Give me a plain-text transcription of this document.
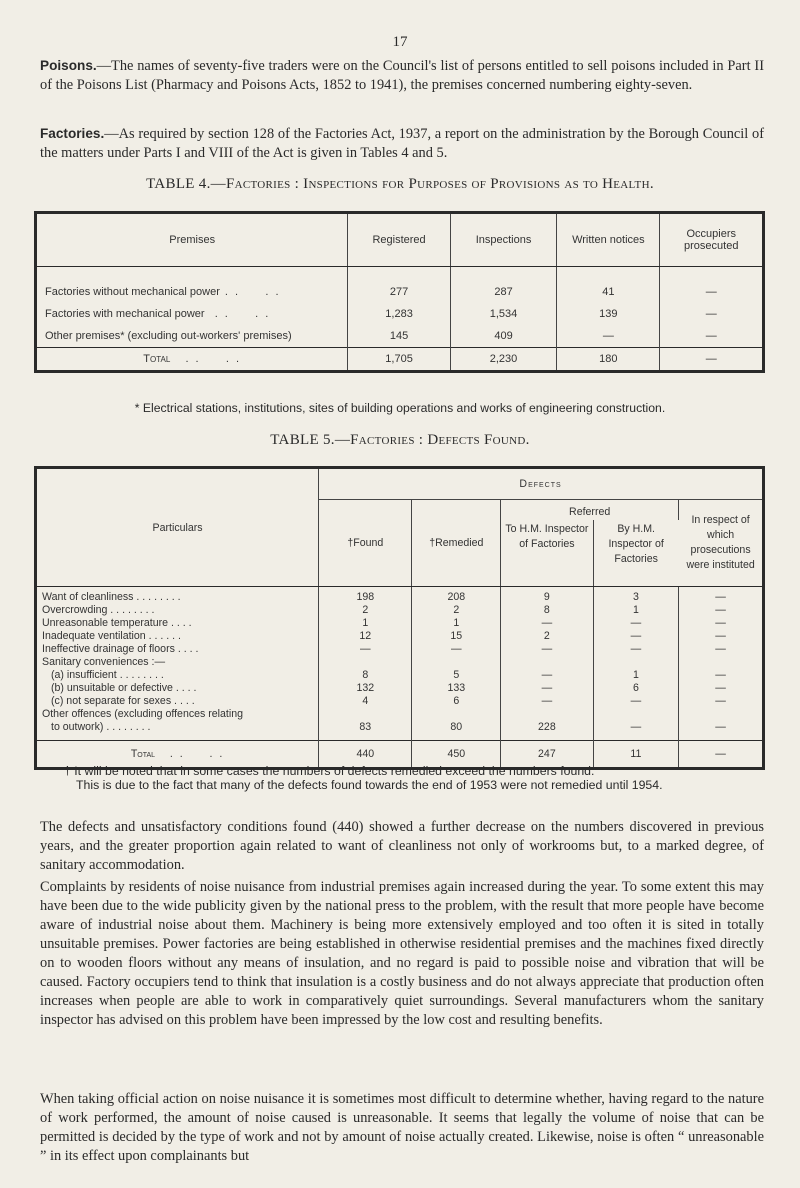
17

Poisons.—The names of seventy-five traders were on the Council's list of persons entitled to sell poisons included in Part II of the Poisons List (Pharmacy and Poisons Acts, 1852 to 1941), the premises concerned numbering eighty-seven.

Factories.—As required by section 128 of the Factories Act, 1937, a report on the administration by the Borough Council of the matters under Parts I and VIII of the Act is given in Tables 4 and 5.

TABLE 4.—Factories : Inspections for Purposes of Provisions as to Health.
Premises	Registered	Inspections	Written notices	Occupiers prosecuted
Factories without mechanical power . .     . .	277	287	41	—
Factories with mechanical power  . .     . .	1,283	1,534	139	—
Other premises* (excluding out-workers' premises)	145	409	—	—
Total   . .     . .	1,705	2,230	180	—
* Electrical stations, institutions, sites of building operations and works of engineering construction.
TABLE 5.—Factories : Defects Found.
Particulars	Defects				
	†Found	†Remedied	Referred		In respect of which prosecutions were instituted
			To H.M. Inspector of Factories	By H.M. Inspector of Factories	
Want of cleanliness . . . . . . . .	198	208	9	3	—
Overcrowding . . . . . . . .	2	2	8	1	—
Unreasonable temperature . . . .	1	1	—	—	—
Inadequate ventilation . . . . . .	12	15	2	—	—
Ineffective drainage of floors . . . .	—	—	—	—	—
Sanitary conveniences :—					
(a) insufficient . . . . . . . .	8	5	—	1	—
(b) unsuitable or defective . . . .	132	133	—	6	—
(c) not separate for sexes . . . .	4	6	—	—	—
Other offences (excluding offences relating					
to outwork) . . . . . . . .	83	80	228	—	—
Total   . .     . .	440	450	247	11	—
† It will be noted that in some cases the numbers of defects remedied exceed the numbers found.
This is due to the fact that many of the defects found towards the end of 1953 were not remedied until 1954.

The defects and unsatisfactory conditions found (440) showed a further decrease on the numbers discovered in previous years, and the greater proportion again related to want of cleanliness not only of workrooms but, to a marked degree, of sanitary accommodation.

Complaints by residents of noise nuisance from industrial premises again increased during the year. To some extent this may have been due to the wide publicity given by the national press to the problem, with the result that more people have become aware of industrial noise about them. Machinery is being more extensively employed and too often it is sited in totally unsuitable premises. Power factories are being established in otherwise residential premises and the machines fixed directly on to wooden floors without any means of insulation, and no regard is paid to possible noise and vibration that will be caused. Factory occupiers tend to think that insulation is a costly business and do not always appreciate that production often increases when people are able to work in comparatively quiet surroundings. Several manufacturers whom the sanitary inspector has advised on this problem have been impressed by the low cost and resulting benefits.

When taking official action on noise nuisance it is sometimes most difficult to determine whether, having regard to the nature of work performed, the amount of noise caused is unreasonable. It seems that legally the volume of noise that can be permitted is decided by the type of work and not by amount of noise actually created. Likewise, noise is often “ unreasonable ” in its effect upon complainants but
